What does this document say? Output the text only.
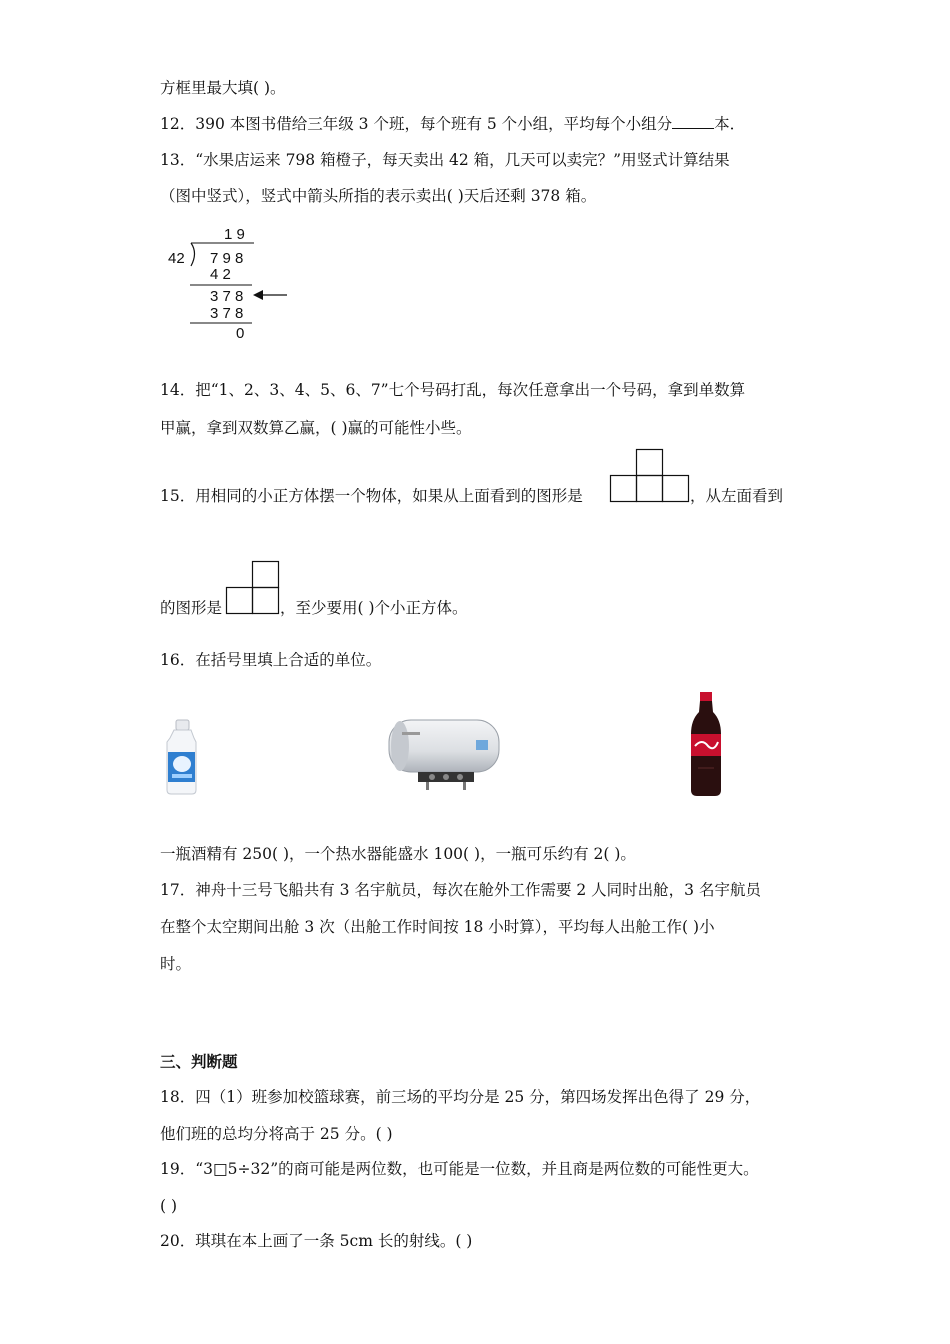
方框里最大填( )。
12．390 本图书借给三年级 3 个班，每个班有 5 个小组，平均每个小组分	本．
13．“水果店运来 798 箱橙子，每天卖出 42 箱，几天可以卖完？”用竖式计算结果
（图中竖式），竖式中箭头所指的表示卖出( )天后还剩 378 箱。
1 9
42 7 9 8
4 2
3 7 8
3 7 8
0
14．把“1、2、3、4、5、6、7”七个号码打乱，每次任意拿出一个号码，拿到单数算
甲赢，拿到双数算乙赢，( )赢的可能性小些。
15．用相同的小正方体摆一个物体，如果从上面看到的图形是	，从左面看到
的图形是	，至少要用( )个小正方体。
16．在括号里填上合适的单位。
一瓶酒精有 250( )，一个热水器能盛水 100( )，一瓶可乐约有 2( )。
17．神舟十三号飞船共有 3 名宇航员，每次在舱外工作需要 2 人同时出舱，3 名宇航员
在整个太空期间出舱 3 次（出舱工作时间按 18 小时算），平均每人出舱工作( )小
时。
三、判断题
18．四（1）班参加校篮球赛，前三场的平均分是 25 分，第四场发挥出色得了 29 分，
他们班的总均分将高于 25 分。( )
19．“3□5÷32”的商可能是两位数，也可能是一位数，并且商是两位数的可能性更大。
( )
20．琪琪在本上画了一条 5cm 长的射线。( )
